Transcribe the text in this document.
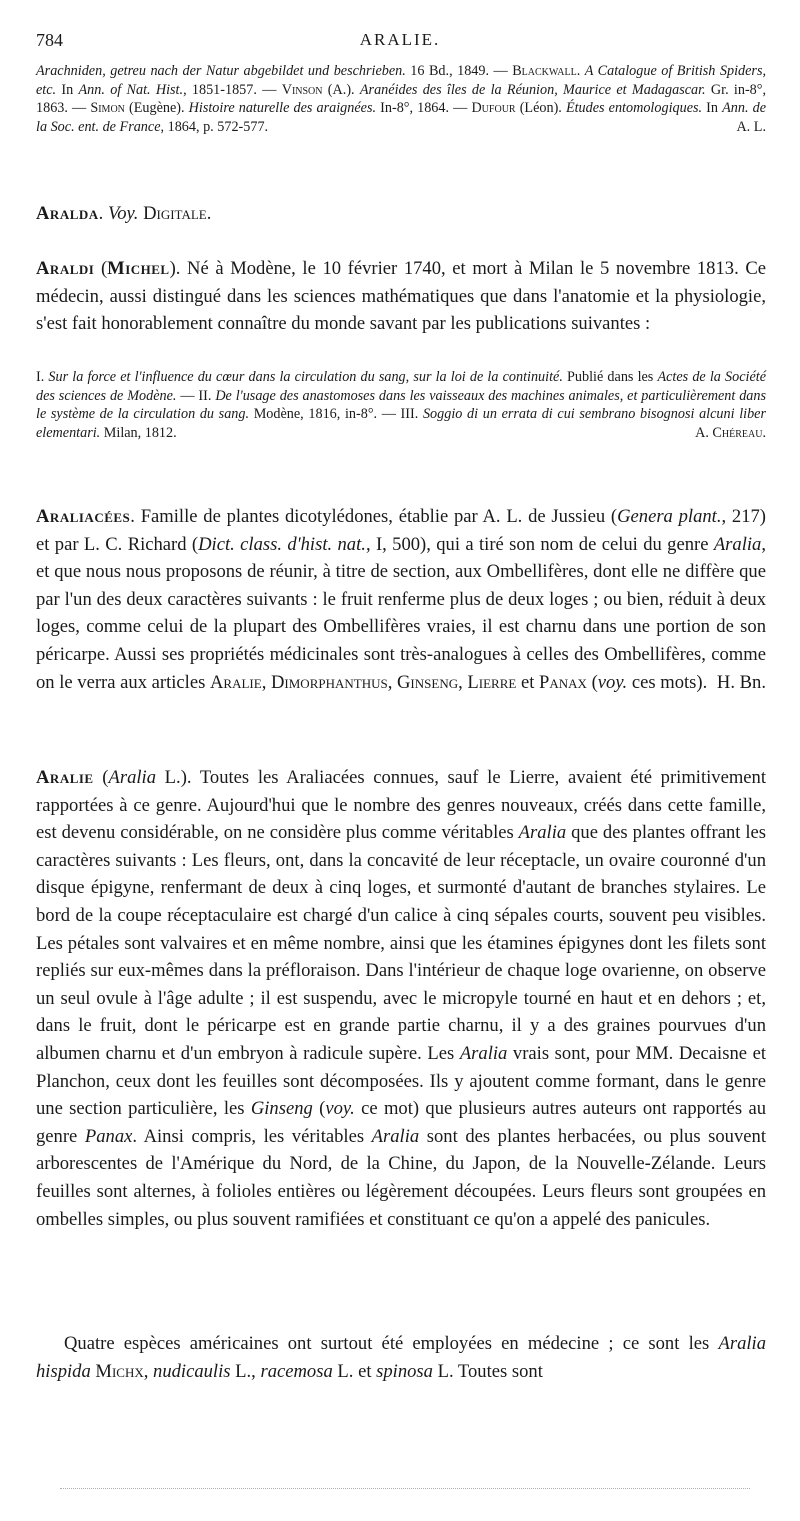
784	ARALIE.
Arachniden, getreu nach der Natur abgebildet und beschrieben. 16 Bd., 1849. — Blackwall. A Catalogue of British Spiders, etc. In Ann. of Nat. Hist., 1851-1857. — Vinson (A.). Aranéides des îles de la Réunion, Maurice et Madagascar. Gr. in-8°, 1863. — Simon (Eugène). Histoire naturelle des araignées. In-8°, 1864. — Dufour (Léon). Études entomologiques. In Ann. de la Soc. ent. de France, 1864, p. 572-577.	A. L.
Aralda. Voy. Digitale.
Araldi (Michel). Né à Modène, le 10 février 1740, et mort à Milan le 5 novembre 1813. Ce médecin, aussi distingué dans les sciences mathématiques que dans l'anatomie et la physiologie, s'est fait honorablement connaître du monde savant par les publications suivantes :
I. Sur la force et l'influence du cœur dans la circulation du sang, sur la loi de la continuité. Publié dans les Actes de la Société des sciences de Modène. — II. De l'usage des anastomoses dans les vaisseaux des machines animales, et particulièrement dans le système de la circulation du sang. Modène, 1816, in-8°. — III. Soggio di un errata di cui sembrano bisognosi alcuni liber elementari. Milan, 1812.	A. Chéreau.
Araliacées. Famille de plantes dicotylédones, établie par A. L. de Jussieu (Genera plant., 217) et par L. C. Richard (Dict. class. d'hist. nat., I, 500), qui a tiré son nom de celui du genre Aralia, et que nous nous proposons de réunir, à titre de section, aux Ombellifères, dont elle ne diffère que par l'un des deux caractères suivants : le fruit renferme plus de deux loges ; ou bien, réduit à deux loges, comme celui de la plupart des Ombellifères vraies, il est charnu dans une portion de son péricarpe. Aussi ses propriétés médicinales sont très-analogues à celles des Ombellifères, comme on le verra aux articles Aralie, Dimorphanthus, Ginseng, Lierre et Panax (voy. ces mots). H. Bn.
Aralie (Aralia L.). Toutes les Araliacées connues, sauf le Lierre, avaient été primitivement rapportées à ce genre. Aujourd'hui que le nombre des genres nouveaux, créés dans cette famille, est devenu considérable, on ne considère plus comme véritables Aralia que des plantes offrant les caractères suivants : Les fleurs, ont, dans la concavité de leur réceptacle, un ovaire couronné d'un disque épigyne, renfermant de deux à cinq loges, et surmonté d'autant de branches stylaires. Le bord de la coupe réceptaculaire est chargé d'un calice à cinq sépales courts, souvent peu visibles. Les pétales sont valvaires et en même nombre, ainsi que les étamines épigynes dont les filets sont repliés sur eux-mêmes dans la préfloraison. Dans l'intérieur de chaque loge ovarienne, on observe un seul ovule à l'âge adulte ; il est suspendu, avec le micropyle tourné en haut et en dehors ; et, dans le fruit, dont le péricarpe est en grande partie charnu, il y a des graines pourvues d'un albumen charnu et d'un embryon à radicule supère. Les Aralia vrais sont, pour MM. Decaisne et Planchon, ceux dont les feuilles sont décomposées. Ils y ajoutent comme formant, dans le genre une section particulière, les Ginseng (voy. ce mot) que plusieurs autres auteurs ont rapportés au genre Panax. Ainsi compris, les véritables Aralia sont des plantes herbacées, ou plus souvent arborescentes de l'Amérique du Nord, de la Chine, du Japon, de la Nouvelle-Zélande. Leurs feuilles sont alternes, à folioles entières ou légèrement découpées. Leurs fleurs sont groupées en ombelles simples, ou plus souvent ramifiées et constituant ce qu'on a appelé des panicules.
Quatre espèces américaines ont surtout été employées en médecine ; ce sont les Aralia hispida Michx, nudicaulis L., racemosa L. et spinosa L. Toutes sont
